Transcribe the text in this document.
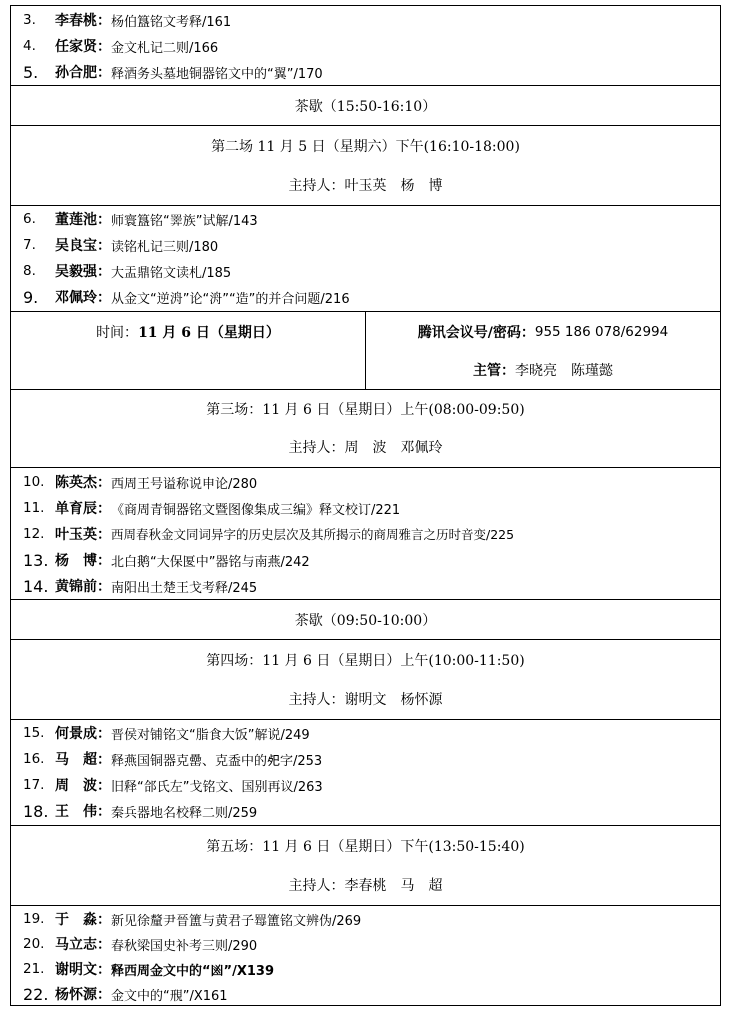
3.	李春桃： 杨伯簋铭文考释/161
4.	任家贤： 金文札记二则/166
5.	孙合肥： 释酒务头墓地铜器铭文中的“翼”/170
茶歇（15:50-16:10）
第二场 11 月 5 日（星期六）下午(16:10-18:00)
主持人： 叶玉英　杨　博
6.	董莲池： 师寰簋铭“𢍰族”试解/143
7.	吴良宝： 读铭札记三则/180
8.	吴毅强： 大盂鼎铭文读札/185
9.	邓佩玲： 从金文“逆洀”论“洀”“造”的并合问题/216
时间： 11 月 6 日（星期日）	腾讯会议号/密码： 955 186 078/62994
主管： 李晓亮　陈瑾懿
第三场：11 月 6 日（星期日）上午(08:00-09:50)
主持人： 周　波　邓佩玲
10. 陈英杰： 西周王号谥称说申论/280
11. 单育辰： 《商周青铜器铭文暨图像集成三编》释文校订/221
12. 叶玉英： 西周春秋金文同词异字的历史层次及其所揭示的商周雅言之历时音变/225
13. 杨　博： 北白鹅“大保匽中”器铭与南燕/242
14. 黄锦前： 南阳出土楚王戈考释/245
茶歇（09:50-10:00）
第四场：11 月 6 日（星期日）上午(10:00-11:50)
主持人： 谢明文　杨怀源
15. 何景成： 晋侯对铺铭文“脂食大饭”解说/249
16. 马　超： 释燕国铜器克罍、克盉中的𢀸字/253
17. 周　波： 旧释“郃氏左”戈铭文、国别再议/263
18. 王　伟： 秦兵器地名校释二则/259
第五场：11 月 6 日（星期日）下午(13:50-15:40)
主持人： 李春桃　马　超
19. 于　淼： 新见徐釐尹晉簠与黄君子䍙簠铭文辨伪/269
20. 马立志： 春秋梁国史补考三则/290
21. 谢明文： 释西周金文中的“𠚍”/X139
22. 杨怀源： 金文中的“䙹”/X161
